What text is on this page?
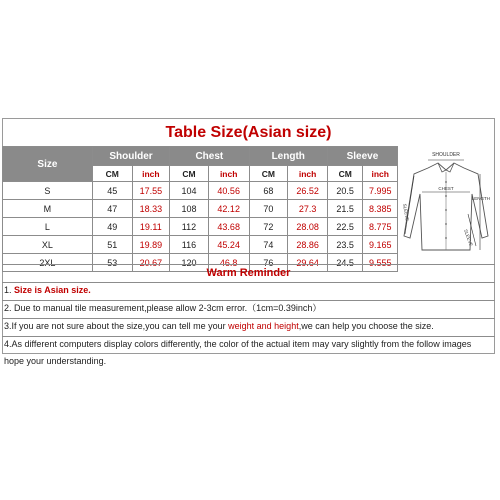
Table Size(Asian size)
Size	Shoulder		Chest		Length		Sleeve	
	CM	inch	CM	inch	CM	inch	CM	inch
S	45	17.55	104	40.56	68	26.52	20.5	7.995
M	47	18.33	108	42.12	70	27.3	21.5	8.385
L	49	19.11	112	43.68	72	28.08	22.5	8.775
XL	51	19.89	116	45.24	74	28.86	23.5	9.165
2XL	53	20.67	120	46.8	76	29.64	24.5	9.555
SHOULDER
CHEST
LENGTH
SLEEVE
SLEEVE
Warm Reminder
1. Size is Asian size.
2. Due to manual tile measurement,please allow 2-3cm error.（1cm=0.39inch）
3.If you are not sure about the size,you can tell me your weight and height,we can help you choose the size.
4.As different computers display colors differently, the color of the actual item may vary slightly from the follow images
hope your understanding.
